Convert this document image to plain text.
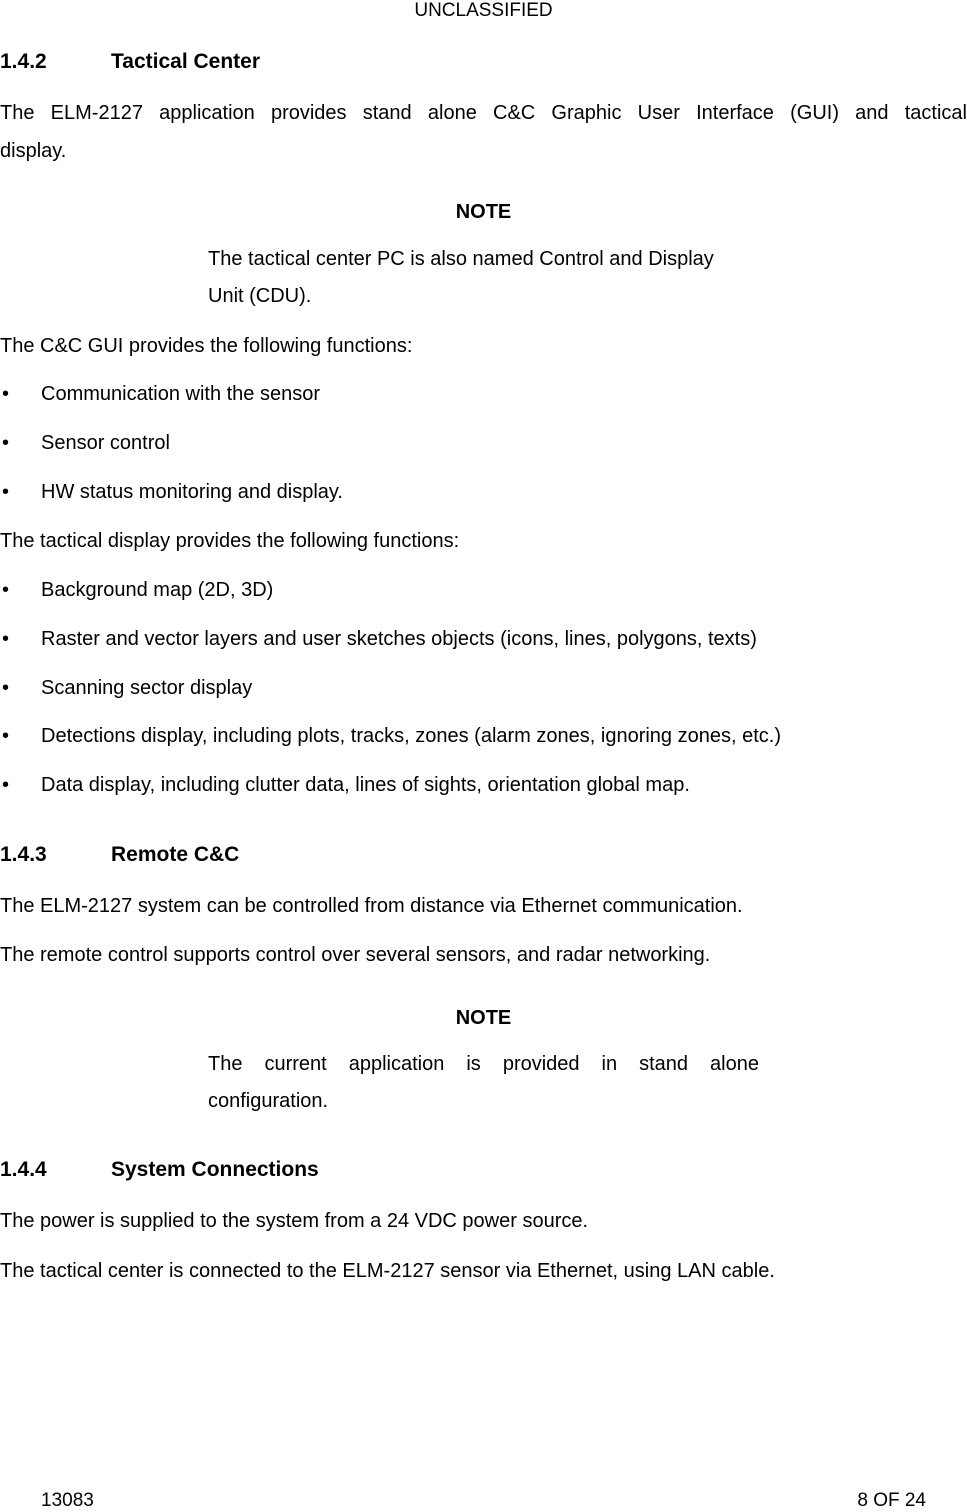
UNCLASSIFIED
1.4.2	Tactical Center
The ELM-2127 application provides stand alone C&C Graphic User Interface (GUI) and tactical
display.
NOTE
The tactical center PC is also named Control and Display
Unit (CDU).
The C&C GUI provides the following functions:
• Communication with the sensor
• Sensor control
• HW status monitoring and display.
The tactical display provides the following functions:
• Background map (2D, 3D)
• Raster and vector layers and user sketches objects (icons, lines, polygons, texts)
• Scanning sector display
• Detections display, including plots, tracks, zones (alarm zones, ignoring zones, etc.)
• Data display, including clutter data, lines of sights, orientation global map.
1.4.3	Remote C&C
The ELM-2127 system can be controlled from distance via Ethernet communication.
The remote control supports control over several sensors, and radar networking.
NOTE
The current application is provided in stand alone
configuration.
1.4.4	System Connections
The power is supplied to the system from a 24 VDC power source.
The tactical center is connected to the ELM-2127 sensor via Ethernet, using LAN cable.
13083	8 OF 24
